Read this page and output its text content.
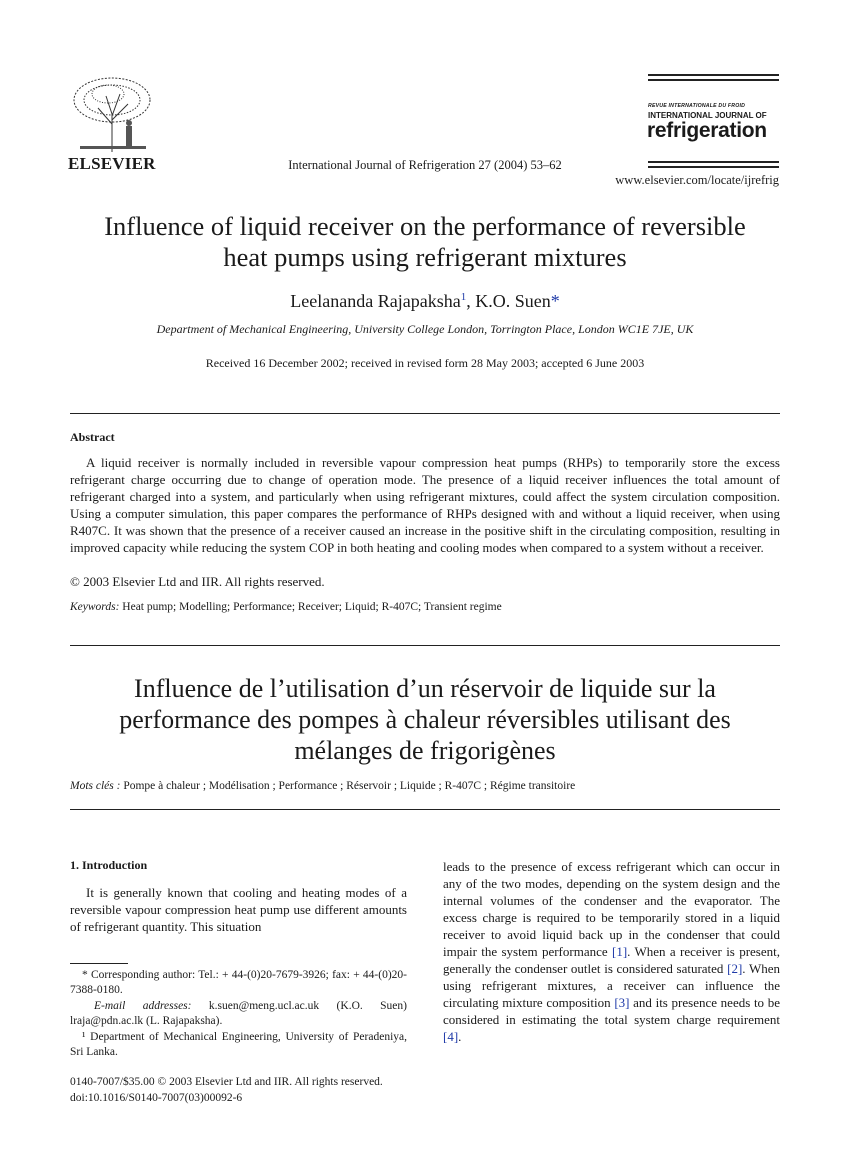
ELSEVIER	International Journal of Refrigeration 27 (2004) 53–62
REVUE INTERNATIONALE DU FROID
INTERNATIONAL JOURNAL OF
refrigeration
www.elsevier.com/locate/ijrefrig
Influence of liquid receiver on the performance of reversible heat pumps using refrigerant mixtures
Leelananda Rajapaksha$^1$, K.O. Suen*
Department of Mechanical Engineering, University College London, Torrington Place, London WC1E 7JE, UK
Received 16 December 2002; received in revised form 28 May 2003; accepted 6 June 2003
Abstract
A liquid receiver is normally included in reversible vapour compression heat pumps (RHPs) to temporarily store the excess refrigerant charge occurring due to change of operation mode. The presence of a liquid receiver influences the total amount of refrigerant charged into a system, and particularly when using refrigerant mixtures, could affect the system circulation composition. Using a computer simulation, this paper compares the performance of RHPs designed with and without a liquid receiver, when using R407C. It was shown that the presence of a receiver caused an increase in the positive shift in the circulating composition, resulting in improved capacity while reducing the system COP in both heating and cooling modes when compared to a system without a receiver.
© 2003 Elsevier Ltd and IIR. All rights reserved.
Keywords: Heat pump; Modelling; Performance; Receiver; Liquid; R-407C; Transient regime
Influence de l’utilisation d’un réservoir de liquide sur la performance des pompes à chaleur réversibles utilisant des mélanges de frigorigènes
Mots clés : Pompe à chaleur ; Modélisation ; Performance ; Réservoir ; Liquide ; R-407C ; Régime transitoire
1. Introduction
It is generally known that cooling and heating modes of a reversible vapour compression heat pump use different amounts of refrigerant quantity. This situation
leads to the presence of excess refrigerant which can occur in any of the two modes, depending on the system design and the internal volumes of the condenser and the evaporator. The excess charge is required to be temporarily stored in a liquid receiver to avoid liquid back up in the condenser that could impair the system performance [1]. When a receiver is present, generally the condenser outlet is considered saturated [2]. When using refrigerant mixtures, a receiver can influence the circulating mixture composition [3] and its presence needs to be considered in estimating the total system charge requirement [4].
* Corresponding author: Tel.: + 44-(0)20-7679-3926; fax: + 44-(0)20-7388-0180.
E-mail addresses: k.suen@meng.ucl.ac.uk (K.O. Suen) lraja@pdn.ac.lk (L. Rajapaksha).
¹ Department of Mechanical Engineering, University of Peradeniya, Sri Lanka.
0140-7007/$35.00 © 2003 Elsevier Ltd and IIR. All rights reserved.
doi:10.1016/S0140-7007(03)00092-6
